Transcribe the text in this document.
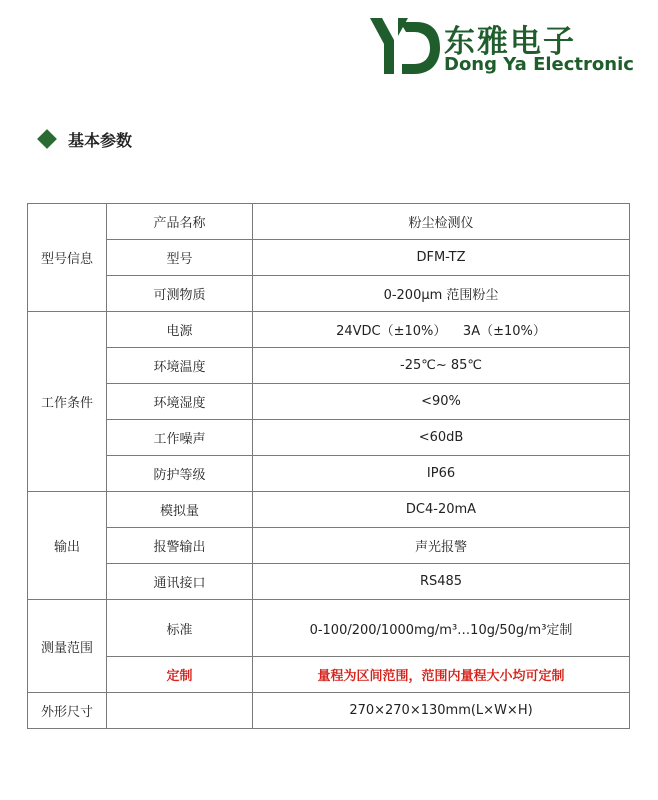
东雅电子
Dong Ya Electronic
基本参数
型号信息	产品名称	粉尘检测仪
	型号	DFM-TZ
	可测物质	0-200μm 范围粉尘
工作条件	电源	24VDC（±10%）    3A（±10%）
	环境温度	-25℃~ 85℃
	环境湿度	<90%
	工作噪声	<60dB
	防护等级	IP66
输出	模拟量	DC4-20mA
	报警输出	声光报警
	通讯接口	RS485
测量范围	标准	0-100/200/1000mg/m³…10g/50g/m³定制
	定制	量程为区间范围，范围内量程大小均可定制
外形尺寸		270×270×130mm(L×W×H)
